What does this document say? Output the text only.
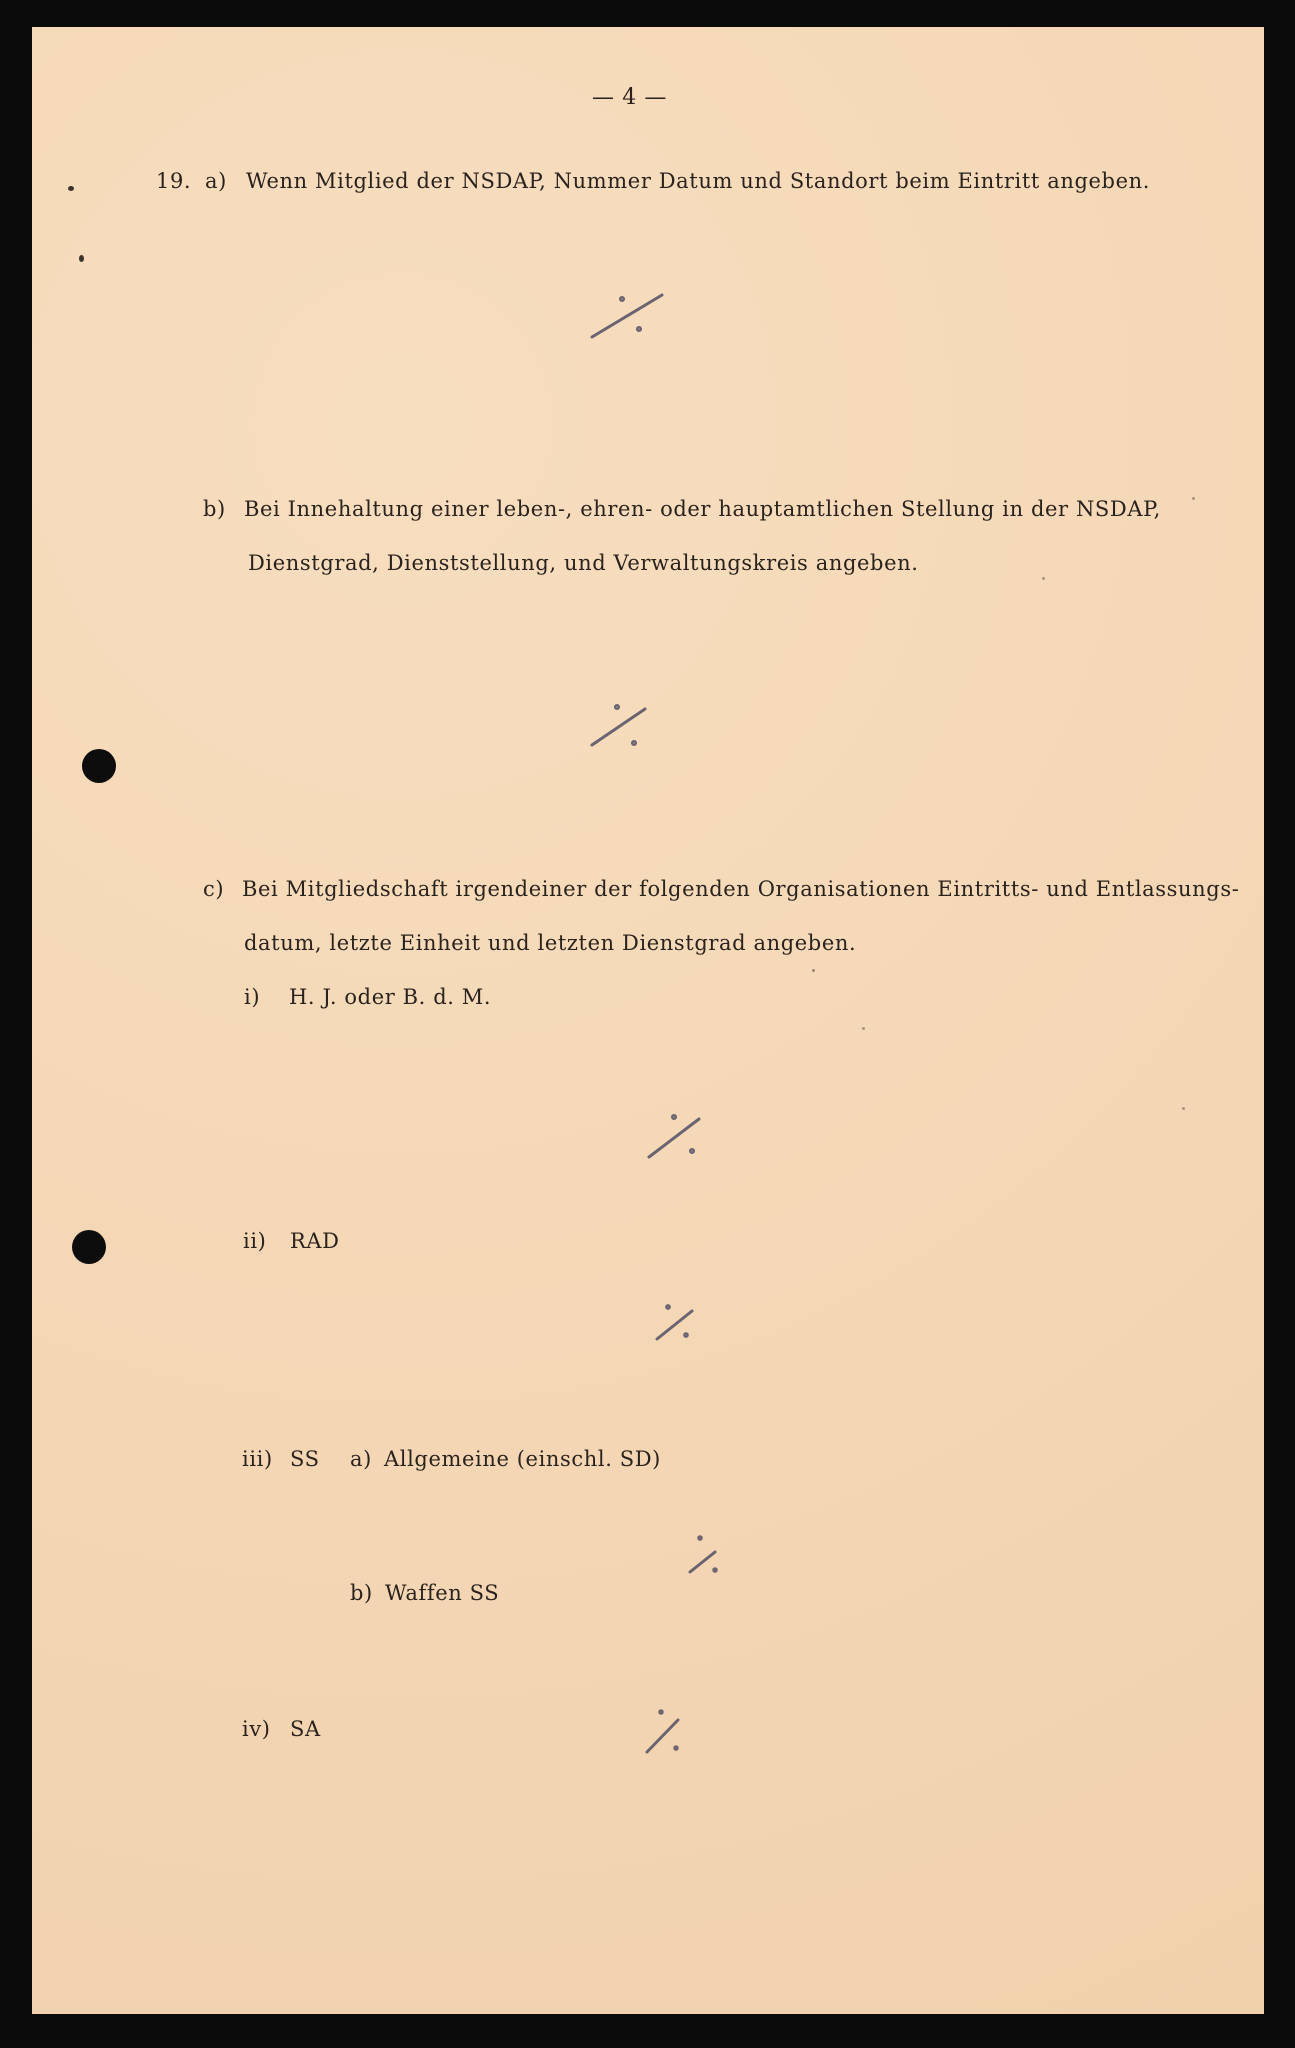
— 4 —
19. a) Wenn Mitglied der NSDAP, Nummer Datum und Standort beim Eintritt angeben.
b) Bei Innehaltung einer leben-, ehren- oder hauptamtlichen Stellung in der NSDAP,
Dienstgrad, Dienststellung, und Verwaltungskreis angeben.
c) Bei Mitgliedschaft irgendeiner der folgenden Organisationen Eintritts- und Entlassungs-
datum, letzte Einheit und letzten Dienstgrad angeben.
i) H. J. oder B. d. M.
ii) RAD
iii) SS a) Allgemeine (einschl. SD)
b) Waffen SS
iv) SA
